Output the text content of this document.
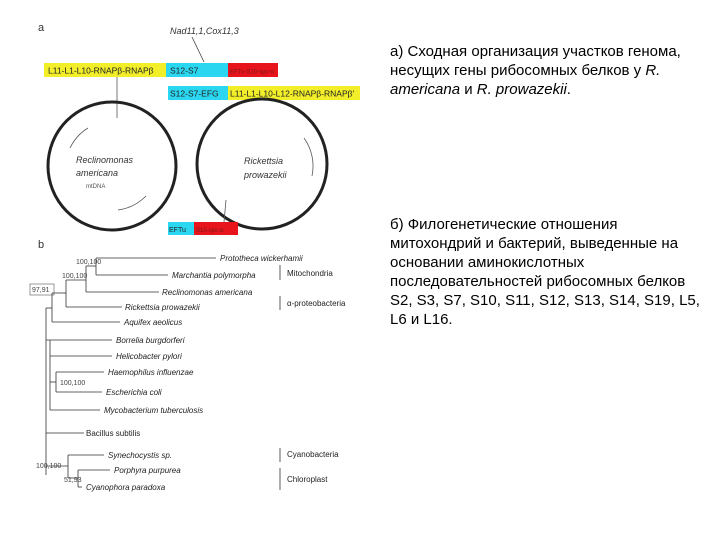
a	Nad11,1,Cox11,3
L11-L1-L10-RNAPβ-RNAPβ S12-S7	EFTu-S10-spc-α
S12-S7-EFG L11-L1-L10-L12-RNAPβ-RNAPβ'
Reclinomonas
americana
mtDNA
Rickettsia
prowazekii
EFTu S10-spc-α
b
100,100
100,100
97,91
100,100
100,100
51,93
Prototheca wickerhamii
Marchantia polymorpha
Reclinomonas americana
Rickettsia prowazekii
Aquifex aeolicus
Borrelia burgdorferi
Helicobacter pylori
Haemophilus influenzae
Escherichia coli
Mycobacterium tuberculosis
Bacillus subtilis
Synechocystis sp.
Porphyra purpurea
Cyanophora paradoxa
Mitochondria
α-proteobacteria
Cyanobacteria
Chloroplast
а) Сходная организация участков генома, несущих гены рибосомных белков у R. americana и R. prowazekii.
б) Филогенетические отношения митохондрий и бактерий, выведенные на основании аминокислотных последовательностей рибосомных белков S2, S3, S7, S10, S11, S12, S13, S14, S19, L5, L6 и L16.
